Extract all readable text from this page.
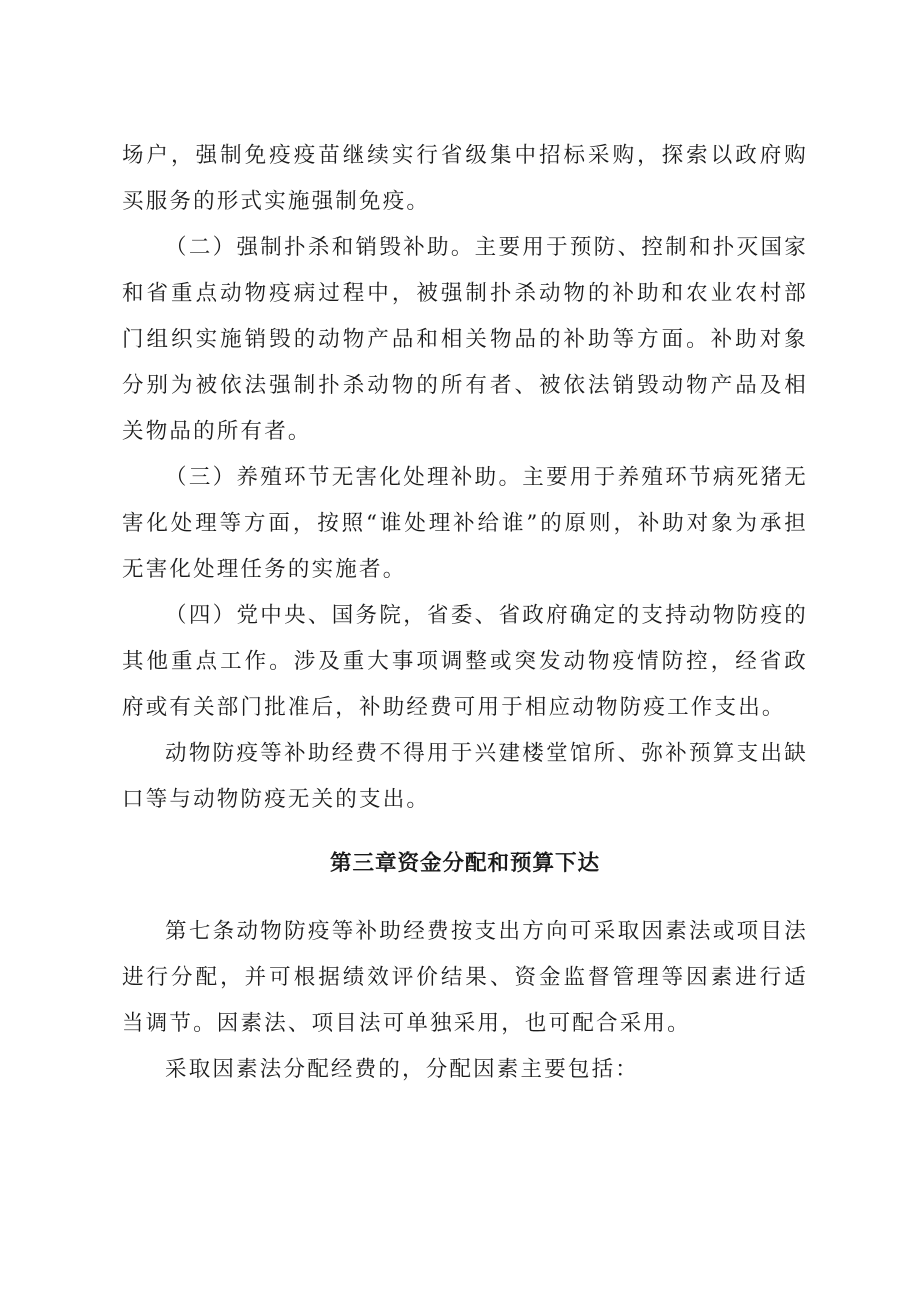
场户，强制免疫疫苗继续实行省级集中招标采购，探索以政府购买服务的形式实施强制免疫。

（二）强制扑杀和销毁补助。主要用于预防、控制和扑灭国家和省重点动物疫病过程中，被强制扑杀动物的补助和农业农村部门组织实施销毁的动物产品和相关物品的补助等方面。补助对象分别为被依法强制扑杀动物的所有者、被依法销毁动物产品及相关物品的所有者。

（三）养殖环节无害化处理补助。主要用于养殖环节病死猪无害化处理等方面，按照“谁处理补给谁”的原则，补助对象为承担无害化处理任务的实施者。

（四）党中央、国务院，省委、省政府确定的支持动物防疫的其他重点工作。涉及重大事项调整或突发动物疫情防控，经省政府或有关部门批准后，补助经费可用于相应动物防疫工作支出。

动物防疫等补助经费不得用于兴建楼堂馆所、弥补预算支出缺口等与动物防疫无关的支出。

第三章资金分配和预算下达

第七条动物防疫等补助经费按支出方向可采取因素法或项目法进行分配，并可根据绩效评价结果、资金监督管理等因素进行适当调节。因素法、项目法可单独采用，也可配合采用。

采取因素法分配经费的，分配因素主要包括：
